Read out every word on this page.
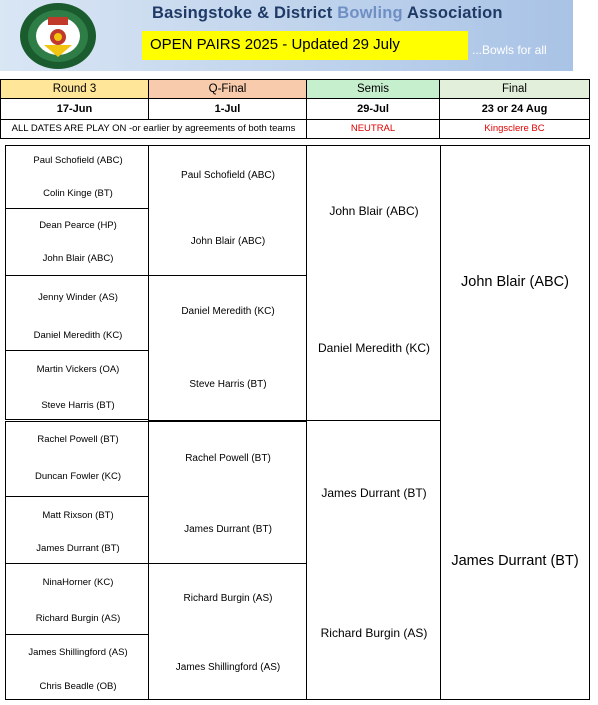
Basingstoke & District Bowling Association
OPEN PAIRS 2025 - Updated 29 July	...Bowls for all
Round 3	Q-Final	Semis	Final
17-Jun	1-Jul	29-Jul	23 or 24 Aug
ALL DATES ARE PLAY ON -or earlier by agreements of both teams	NEUTRAL	Kingsclere BC
Paul Schofield (ABC)
Colin Kinge (BT)
Dean Pearce (HP)
John Blair (ABC)
Jenny Winder (AS)
Daniel Meredith (KC)
Martin Vickers (OA)
Steve Harris (BT)
Rachel Powell (BT)
Duncan Fowler (KC)
Matt Rixson (BT)
James Durrant (BT)
NinaHorner (KC)
Richard Burgin (AS)
James Shillingford (AS)
Chris Beadle (OB)
Paul Schofield (ABC)
John Blair (ABC)
Daniel Meredith (KC)
Steve Harris (BT)
Rachel Powell (BT)
James Durrant (BT)
Richard Burgin (AS)
James Shillingford (AS)
John Blair (ABC)
Daniel Meredith (KC)
James Durrant (BT)
Richard Burgin (AS)
John Blair (ABC)
James Durrant (BT)
